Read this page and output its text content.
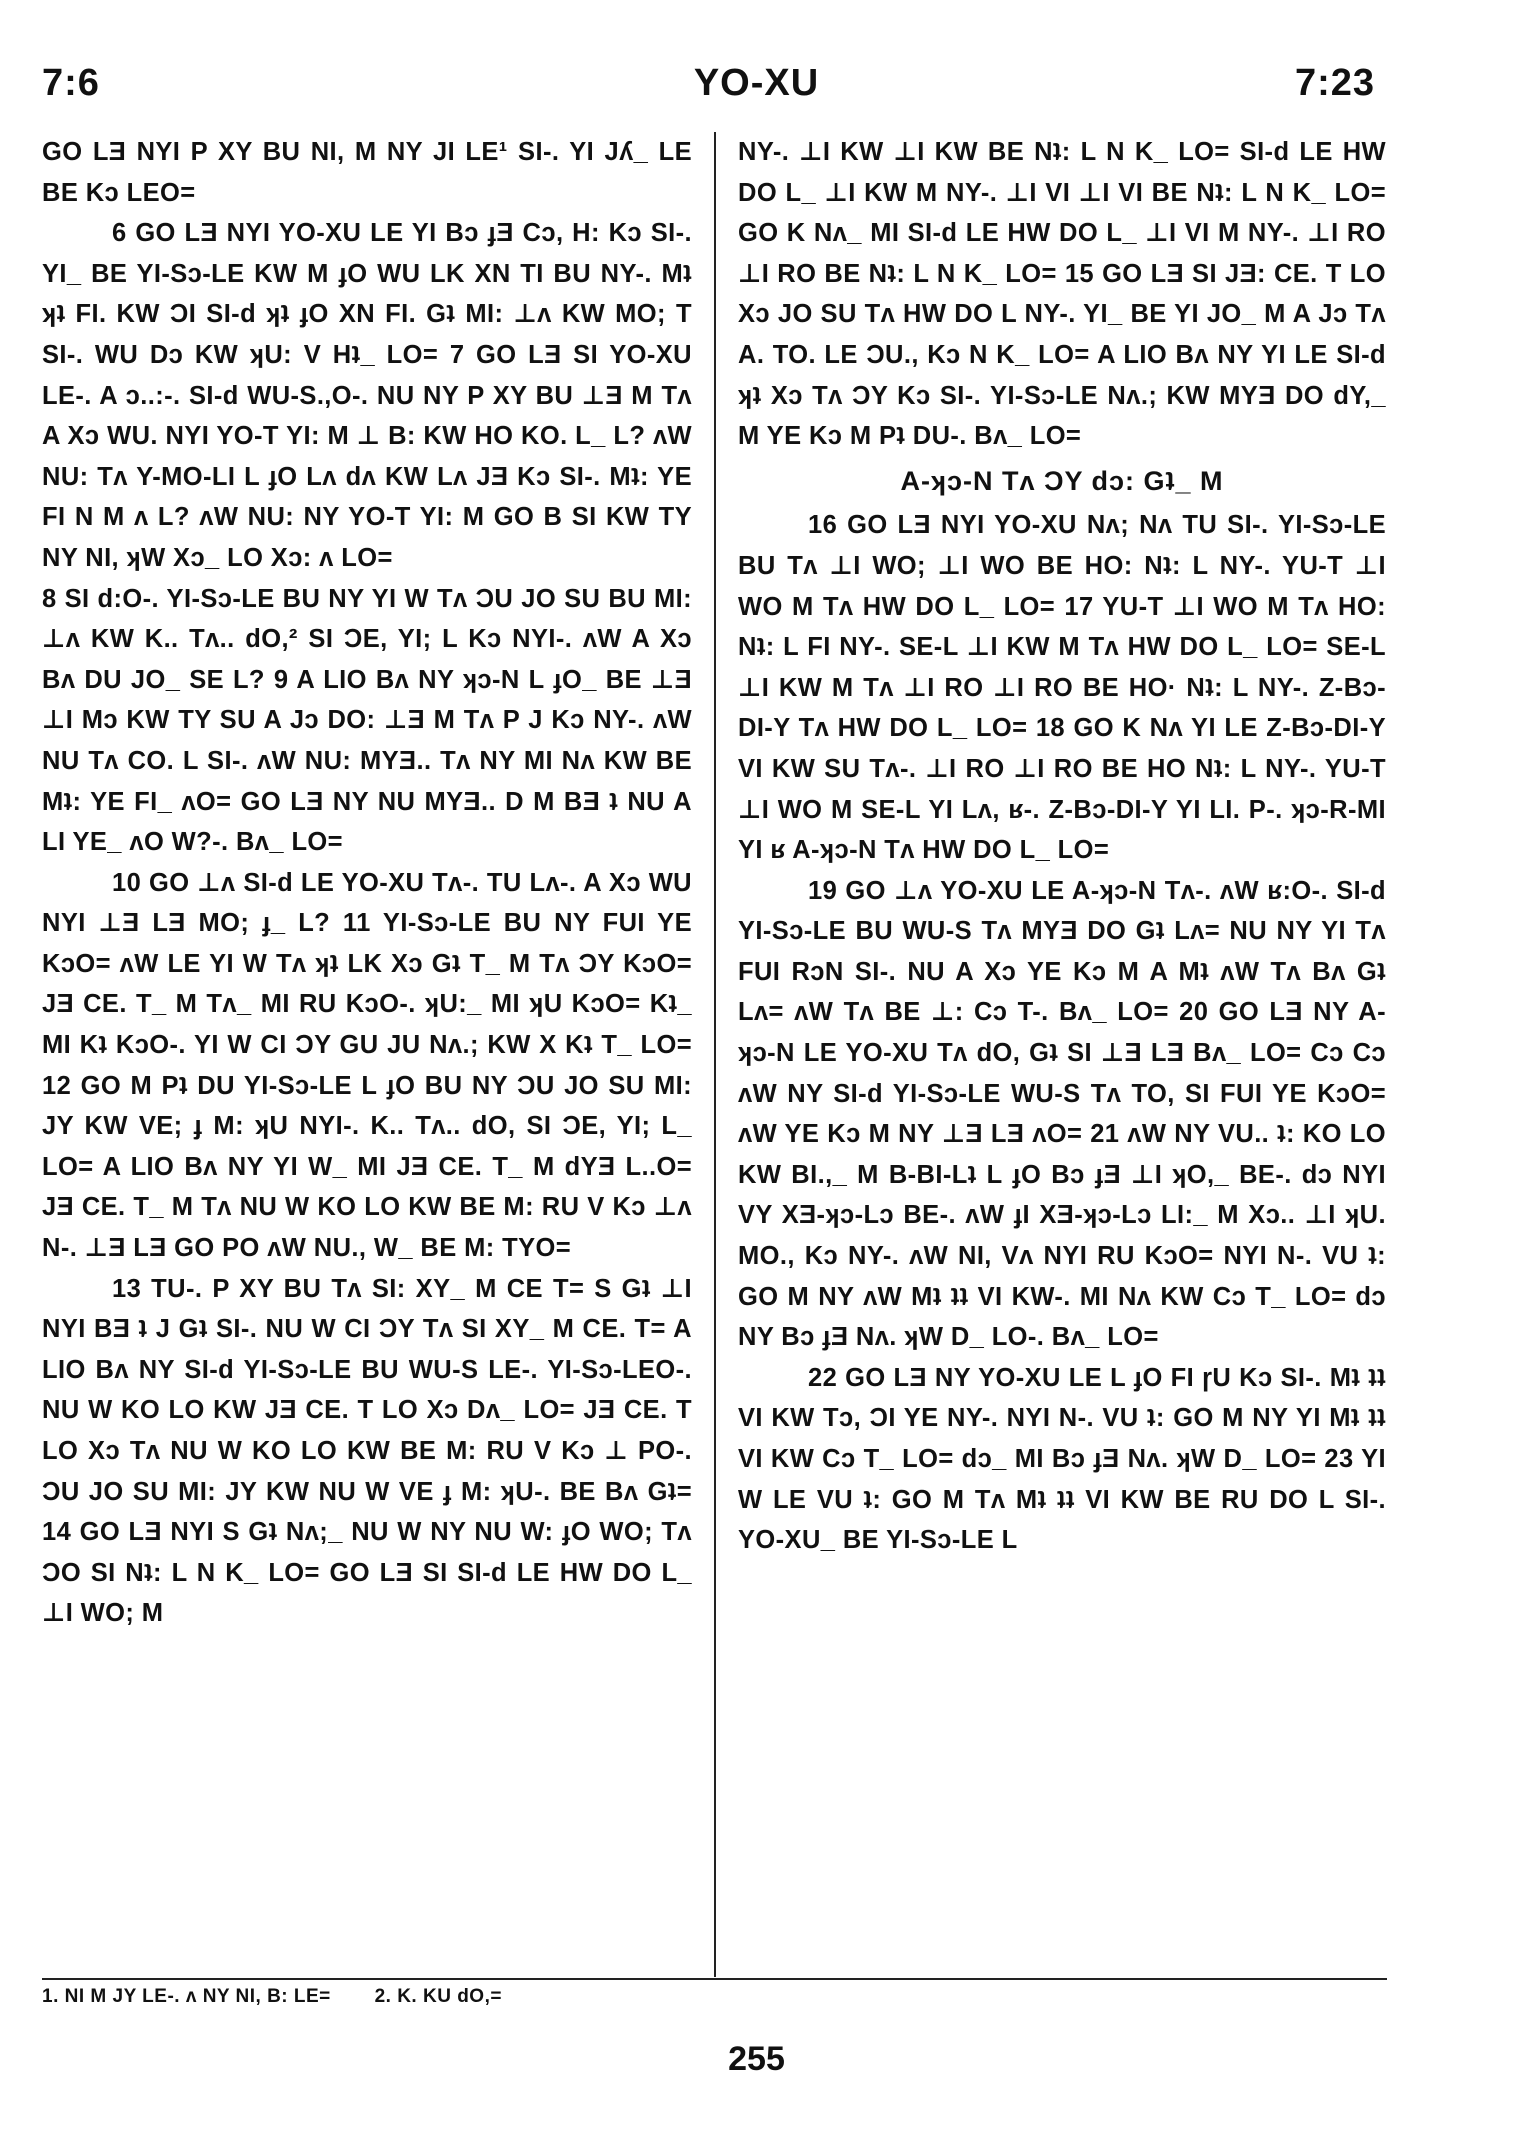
7:6	YO-XU	7:23

GO LƎ NYI P XY BU NI, M NY JI LE¹ SI-. YI Jʎ_ LE BE Kɔ LEO=

6 GO LƎ NYI YO-XU LE YI Bɔ ɟƎ Cɔ, H: Kɔ SI-. YI_ BE YI-Sɔ-LE KW M ɟO WU LK XN TI BU NY-. Mʇ ʞʇ FI. KW ƆI SI-d ʞʇ ɟO XN FI. Gʇ MI: ⊥ʌ KW MO; T SI-. WU Dɔ KW ʞU: V Hʇ_ LO= 7 GO LƎ SI YO-XU LE-. A ɔ..:-. SI-d WU-S.,O-. NU NY P XY BU ⊥Ǝ M Tʌ A Xɔ WU. NYI YO-T YI: M ⊥ B: KW HO KO. L_ L? ʌW NU: Tʌ Y-MO-LI L ɟO Lʌ dʌ KW Lʌ JƎ Kɔ SI-. Mʇ: YE FI N M ʌ L? ʌW NU: NY YO-T YI: M GO B SI KW TY NY NI, ʞW Xɔ_ LO Xɔ: ʌ LO=

8 SI d:O-. YI-Sɔ-LE BU NY YI W Tʌ ƆU JO SU BU MI: ⊥ʌ KW K.. Tʌ.. dO,² SI ƆE, YI; L Kɔ NYI-. ʌW A Xɔ Bʌ DU JO_ SE L? 9 A LIO Bʌ NY ʞɔ-N L ɟO_ BE ⊥Ǝ ⊥I Mɔ KW TY SU A Jɔ DO: ⊥Ǝ M Tʌ P J Kɔ NY-. ʌW NU Tʌ CO. L SI-. ʌW NU: MYƎ.. Tʌ NY MI Nʌ KW BE Mʇ: YE FI_ ʌO= GO LƎ NY NU MYƎ.. D M BƎ ʇ NU A LI YE_ ʌO W?-. Bʌ_ LO=

10 GO ⊥ʌ SI-d LE YO-XU Tʌ-. TU Lʌ-. A Xɔ WU NYI ⊥Ǝ LƎ MO; ɟ_ L? 11 YI-Sɔ-LE BU NY FUI YE KɔO= ʌW LE YI W Tʌ ʞʇ LK Xɔ Gʇ T_ M Tʌ ƆY KɔO= JƎ CE. T_ M Tʌ_ MI RU KɔO-. ʞU:_ MI ʞU KɔO= Kʇ_ MI Kʇ KɔO-. YI W CI ƆY GU JU Nʌ.; KW X Kʇ T_ LO= 12 GO M Pʇ DU YI-Sɔ-LE L ɟO BU NY ƆU JO SU MI: JY KW VE; ɟ M: ʞU NYI-. K.. Tʌ.. dO, SI ƆE, YI; L_ LO= A LIO Bʌ NY YI W_ MI JƎ CE. T_ M dYƎ L..O= JƎ CE. T_ M Tʌ NU W KO LO KW BE M: RU V Kɔ ⊥ʌ N-. ⊥Ǝ LƎ GO PO ʌW NU., W_ BE M: TYO=

13 TU-. P XY BU Tʌ SI: XY_ M CE T= S Gʇ ⊥I NYI BƎ ʇ J Gʇ SI-. NU W CI ƆY Tʌ SI XY_ M CE. T= A LIO Bʌ NY SI-d YI-Sɔ-LE BU WU-S LE-. YI-Sɔ-LEO-. NU W KO LO KW JƎ CE. T LO Xɔ Dʌ_ LO= JƎ CE. T LO Xɔ Tʌ NU W KO LO KW BE M: RU V Kɔ ⊥ PO-. ƆU JO SU MI: JY KW NU W VE ɟ M: ʞU-. BE Bʌ Gʇ= 14 GO LƎ NYI S Gʇ Nʌ;_ NU W NY NU W: ɟO WO; Tʌ ƆO SI Nʇ: L N K_ LO= GO LƎ SI SI-d LE HW DO L_ ⊥I WO; M

NY-. ⊥I KW ⊥I KW BE Nʇ: L N K_ LO= SI-d LE HW DO L_ ⊥I KW M NY-. ⊥I VI ⊥I VI BE Nʇ: L N K_ LO= GO K Nʌ_ MI SI-d LE HW DO L_ ⊥I VI M NY-. ⊥I RO ⊥I RO BE Nʇ: L N K_ LO= 15 GO LƎ SI JƎ: CE. T LO Xɔ JO SU Tʌ HW DO L NY-. YI_ BE YI JO_ M A Jɔ Tʌ A. TO. LE ƆU., Kɔ N K_ LO= A LIO Bʌ NY YI LE SI-d ʞʇ Xɔ Tʌ ƆY Kɔ SI-. YI-Sɔ-LE Nʌ.; KW MYƎ DO dY,_ M YE Kɔ M Pʇ DU-. Bʌ_ LO=

A-ʞɔ-N Tʌ ƆY dɔ: Gʇ_ M

16 GO LƎ NYI YO-XU Nʌ; Nʌ TU SI-. YI-Sɔ-LE BU Tʌ ⊥I WO; ⊥I WO BE HO: Nʇ: L NY-. YU-T ⊥I WO M Tʌ HW DO L_ LO= 17 YU-T ⊥I WO M Tʌ HO: Nʇ: L FI NY-. SE-L ⊥I KW M Tʌ HW DO L_ LO= SE-L ⊥I KW M Tʌ ⊥I RO ⊥I RO BE HO· Nʇ: L NY-. Z-Bɔ-DI-Y Tʌ HW DO L_ LO= 18 GO K Nʌ YI LE Z-Bɔ-DI-Y VI KW SU Tʌ-. ⊥I RO ⊥I RO BE HO Nʇ: L NY-. YU-T ⊥I WO M SE-L YI Lʌ, ʁ-. Z-Bɔ-DI-Y YI LI. P-. ʞɔ-R-MI YI ʁ A-ʞɔ-N Tʌ HW DO L_ LO=

19 GO ⊥ʌ YO-XU LE A-ʞɔ-N Tʌ-. ʌW ʁ:O-. SI-d YI-Sɔ-LE BU WU-S Tʌ MYƎ DO Gʇ Lʌ= NU NY YI Tʌ FUI RɔN SI-. NU A Xɔ YE Kɔ M A Mʇ ʌW Tʌ Bʌ Gʇ Lʌ= ʌW Tʌ BE ⊥: Cɔ T-. Bʌ_ LO= 20 GO LƎ NY A-ʞɔ-N LE YO-XU Tʌ dO, Gʇ SI ⊥Ǝ LƎ Bʌ_ LO= Cɔ Cɔ ʌW NY SI-d YI-Sɔ-LE WU-S Tʌ TO, SI FUI YE KɔO= ʌW YE Kɔ M NY ⊥Ǝ LƎ ʌO= 21 ʌW NY VU.. ʇ: KO LO KW BI.,_ M B-BI-Lʇ L ɟO Bɔ ɟƎ ⊥I ʞO,_ BE-. dɔ NYI VY XƎ-ʞɔ-Lɔ BE-. ʌW ɟI XƎ-ʞɔ-Lɔ LI:_ M Xɔ.. ⊥I ʞU. MO., Kɔ NY-. ʌW NI, Vʌ NYI RU KɔO= NYI N-. VU ʇ: GO M NY ʌW Mʇ ʇʇ VI KW-. MI Nʌ KW Cɔ T_ LO= dɔ NY Bɔ ɟƎ Nʌ. ʞW D_ LO-. Bʌ_ LO=

22 GO LƎ NY YO-XU LE L ɟO FI ɼU Kɔ SI-. Mʇ ʇʇ VI KW Tɔ, ƆI YE NY-. NYI N-. VU ʇ: GO M NY YI Mʇ ʇʇ VI KW Cɔ T_ LO= dɔ_ MI Bɔ ɟƎ Nʌ. ʞW D_ LO= 23 YI W LE VU ʇ: GO M Tʌ Mʇ ʇʇ VI KW BE RU DO L SI-. YO-XU_ BE YI-Sɔ-LE L

1. NI M JY LE-. ʌ NY NI, B: LE= 2. K. KU dO,=
255
